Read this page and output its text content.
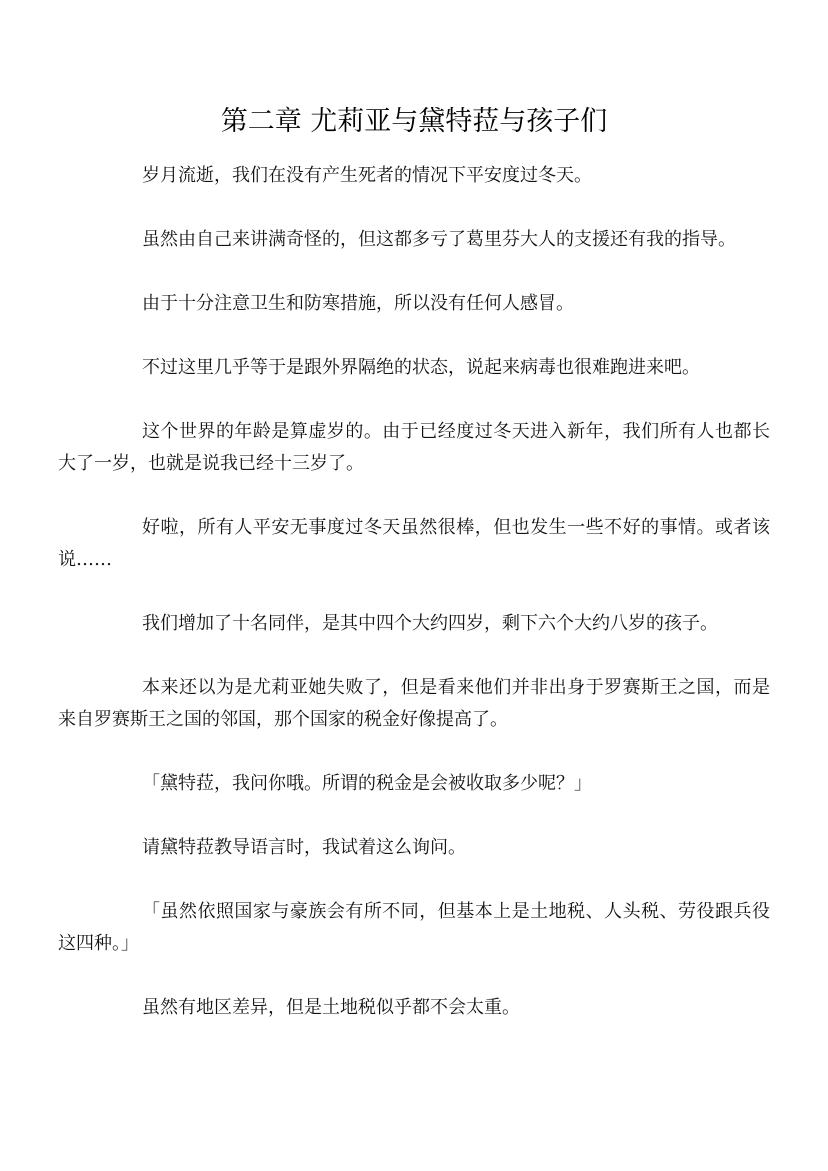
第二章 尤莉亚与黛特菈与孩子们

岁月流逝，我们在没有产生死者的情况下平安度过冬天。

虽然由自己来讲满奇怪的，但这都多亏了葛里芬大人的支援还有我的指导。

由于十分注意卫生和防寒措施，所以没有任何人感冒。

不过这里几乎等于是跟外界隔绝的状态，说起来病毒也很难跑进来吧。

这个世界的年龄是算虚岁的。由于已经度过冬天进入新年，我们所有人也都长大了一岁，也就是说我已经十三岁了。

好啦，所有人平安无事度过冬天虽然很棒，但也发生一些不好的事情。或者该说……

我们增加了十名同伴，是其中四个大约四岁，剩下六个大约八岁的孩子。

本来还以为是尤莉亚她失败了，但是看来他们并非出身于罗赛斯王之国，而是来自罗赛斯王之国的邻国，那个国家的税金好像提高了。

「黛特菈，我问你哦。所谓的税金是会被收取多少呢？」

请黛特菈教导语言时，我试着这么询问。

「虽然依照国家与豪族会有所不同，但基本上是土地税、人头税、劳役跟兵役这四种。」

虽然有地区差异，但是土地税似乎都不会太重。
